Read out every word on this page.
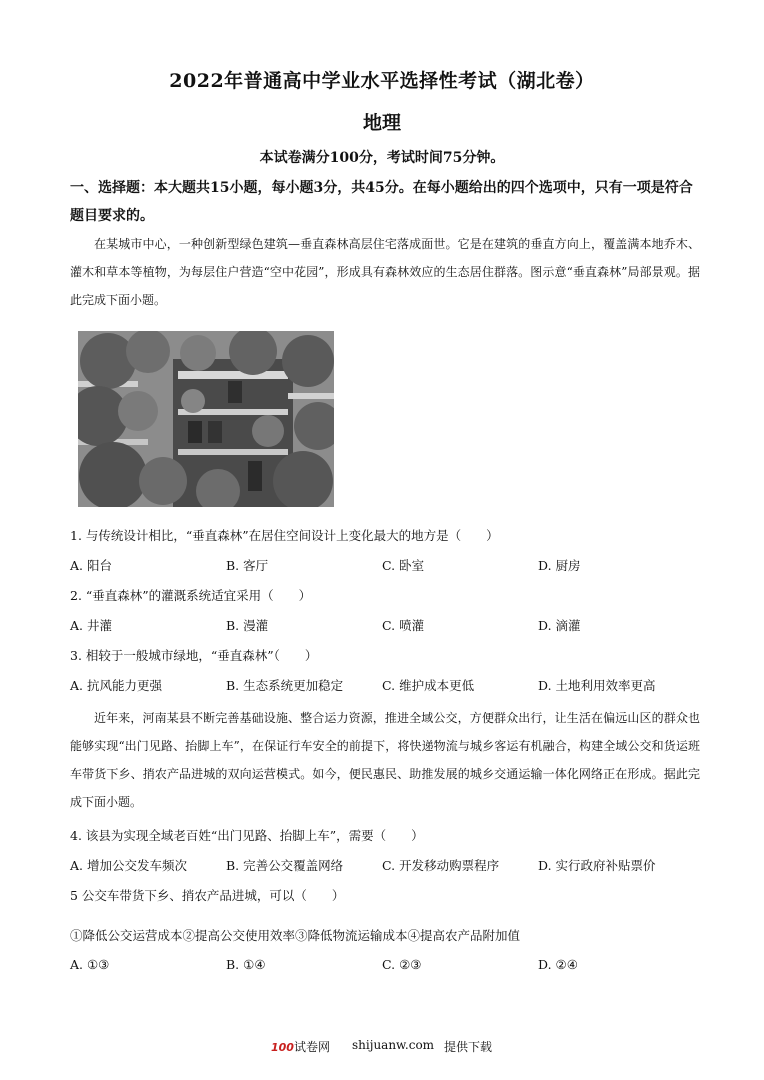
2022年普通高中学业水平选择性考试（湖北卷）
地理
本试卷满分100分，考试时间75分钟。
一、选择题：本大题共15小题，每小题3分，共45分。在每小题给出的四个选项中，只有一项是符合题目要求的。
在某城市中心，一种创新型绿色建筑—垂直森林高层住宅落成面世。它是在建筑的垂直方向上，覆盖满本地乔木、灌木和草本等植物，为每层住户营造“空中花园”，形成具有森林效应的生态居住群落。图示意“垂直森林”局部景观。据此完成下面小题。
1. 与传统设计相比，“垂直森林”在居住空间设计上变化最大的地方是（　　）
A. 阳台	B. 客厅	C. 卧室	D. 厨房
2. “垂直森林”的灌溉系统适宜采用（　　）
A. 井灌	B. 漫灌	C. 喷灌	D. 滴灌
3. 相较于一般城市绿地，“垂直森林”（　　）
A. 抗风能力更强	B. 生态系统更加稳定	C. 维护成本更低	D. 土地利用效率更高
近年来，河南某县不断完善基础设施、整合运力资源，推进全域公交，方便群众出行，让生活在偏远山区的群众也能够实现“出门见路、抬脚上车”，在保证行车安全的前提下，将快递物流与城乡客运有机融合，构建全域公交和货运班车带货下乡、捎农产品进城的双向运营模式。如今，便民惠民、助推发展的城乡交通运输一体化网络正在形成。据此完成下面小题。
4. 该县为实现全域老百姓“出门见路、抬脚上车”，需要（　　）
A. 增加公交发车频次	B. 完善公交覆盖网络	C. 开发移动购票程序	D. 实行政府补贴票价
5 公交车带货下乡、捎农产品进城，可以（　　）
①降低公交运营成本②提高公交使用效率③降低物流运输成本④提高农产品附加值
A. ①③	B. ①④	C. ②③	D. ②④
100试卷网 shijuanw.com 提供下载
